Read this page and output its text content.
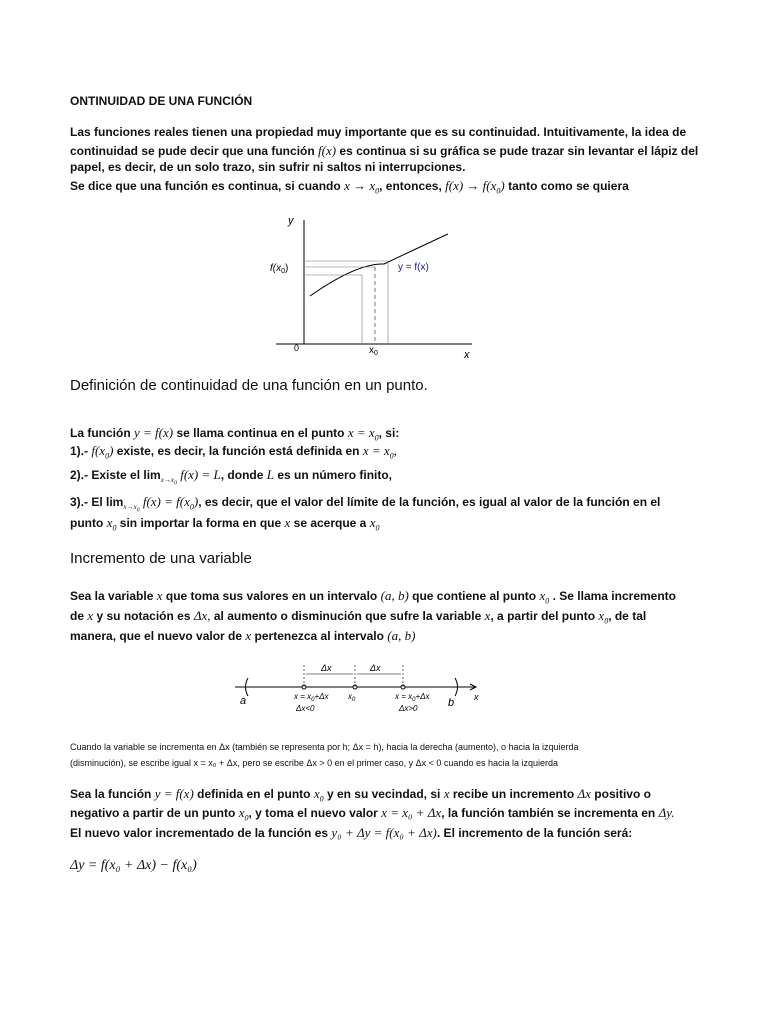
ONTINUIDAD DE UNA FUNCIÓN
Las funciones reales tienen una propiedad muy importante que es su continuidad. Intuitivamente, la idea de
continuidad se pude decir que una función f(x) es continua si su gráfica se pude trazar sin levantar el lápiz del
papel, es decir, de un solo trazo, sin sufrir ni saltos ni interrupciones.
Se dice que una función es continua, si cuando $x \to x_0$, entonces, $f(x) \to f(x_0)$ tanto como se quiera
y
x
0
$f(x_0)$	y = f(x)
$x_0$
Definición de continuidad de una función en un punto.
La función y = f(x) se llama continua en el punto $x = x_0$, si:
1).- $f(x_0)$ existe, es decir, la función está definida en $x = x_0$,
2).- Existe el $\lim_{x\to x_0} f(x) = L$, donde L es un número finito,
3).- El $\lim_{x\to x_0} f(x) = f(x_0)$, es decir, que el valor del límite de la función, es igual al valor de la función en el
punto $x_0$ sin importar la forma en que x se acerque a $x_0$
Incremento de una variable
Sea la variable x que toma sus valores en un intervalo (a, b) que contiene al punto $x_0$ . Se llama incremento
de x y su notación es Δx, al aumento o disminución que sufre la variable x, a partir del punto $x_0$, de tal
manera, que el nuevo valor de x pertenezca al intervalo (a, b)
Δx	Δx
a	b x
$x = x_0+\Delta x$
Δx<0
$x_0$	$x = x_0+\Delta x$
Δx>0
Cuando la variable se incrementa en Δx (también se representa por h; Δx = h), hacia la derecha (aumento), o hacia la izquierda
(disminución), se escribe igual x = x₀ + Δx, pero se escribe Δx > 0 en el primer caso, y Δx < 0 cuando es hacia la izquierda
Sea la función y = f(x) definida en el punto $x_0$ y en su vecindad, si x recibe un incremento Δx positivo o
negativo a partir de un punto $x_0$, y toma el nuevo valor x = x₀ + Δx, la función también se incrementa en Δy.
El nuevo valor incrementado de la función es y₀ + Δy = f(x₀ + Δx). El incremento de la función será:
Δy = f(x₀ + Δx) − f(x₀)
